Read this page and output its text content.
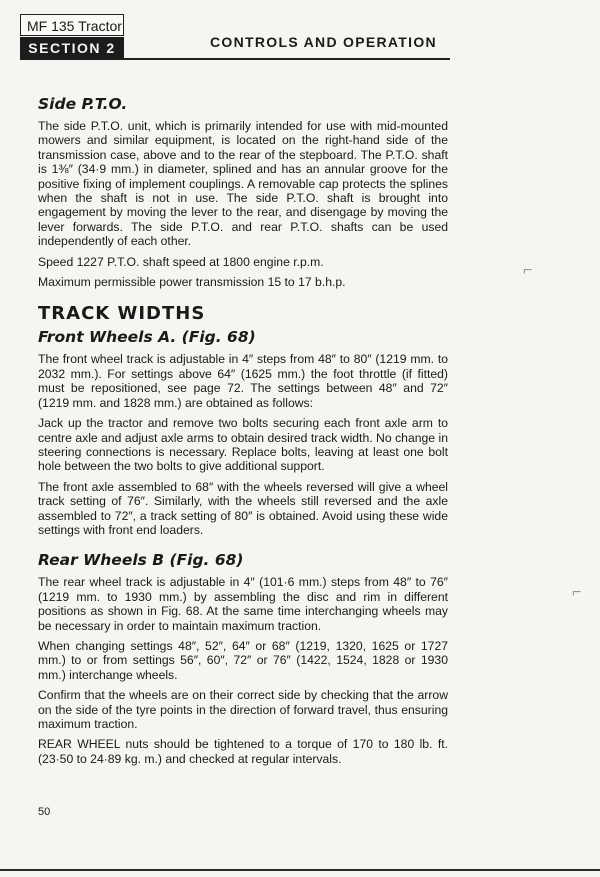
MF 135 Tractor
SECTION 2	CONTROLS AND OPERATION
Side P.T.O.

The side P.T.O. unit, which is primarily intended for use with mid-mounted mowers and similar equipment, is located on the right-hand side of the transmission case, above and to the rear of the stepboard. The P.T.O. shaft is 1⅜″ (34·9 mm.) in diameter, splined and has an annular groove for the positive fixing of implement couplings. A removable cap protects the splines when the shaft is not in use. The side P.T.O. shaft is brought into engagement by moving the lever to the rear, and disengage by moving the lever forwards. The side P.T.O. and rear P.T.O. shafts can be used independently of each other.

Speed 1227 P.T.O. shaft speed at 1800 engine r.p.m.

Maximum permissible power transmission 15 to 17 b.h.p.

TRACK WIDTHS
Front Wheels A. (Fig. 68)

The front wheel track is adjustable in 4″ steps from 48″ to 80″ (1219 mm. to 2032 mm.). For settings above 64″ (1625 mm.) the foot throttle (if fitted) must be repositioned, see page 72. The settings between 48″ and 72″ (1219 mm. and 1828 mm.) are obtained as follows:

Jack up the tractor and remove two bolts securing each front axle arm to centre axle and adjust axle arms to obtain desired track width. No change in steering connections is necessary. Replace bolts, leaving at least one bolt hole between the two bolts to give additional support.

The front axle assembled to 68″ with the wheels reversed will give a wheel track setting of 76″. Similarly, with the wheels still reversed and the axle assembled to 72″, a track setting of 80″ is obtained. Avoid using these wide settings with front end loaders.

Rear Wheels B (Fig. 68)

The rear wheel track is adjustable in 4″ (101·6 mm.) steps from 48″ to 76″ (1219 mm. to 1930 mm.) by assembling the disc and rim in different positions as shown in Fig. 68. At the same time interchanging wheels may be necessary in order to maintain maximum traction.

When changing settings 48″, 52″, 64″ or 68″ (1219, 1320, 1625 or 1727 mm.) to or from settings 56″, 60″, 72″ or 76″ (1422, 1524, 1828 or 1930 mm.) interchange wheels.

Confirm that the wheels are on their correct side by checking that the arrow on the side of the tyre points in the direction of forward travel, thus ensuring maximum traction.

REAR WHEEL nuts should be tightened to a torque of 170 to 180 lb. ft. (23·50 to 24·89 kg. m.) and checked at regular intervals.

50
⌐
⌐
